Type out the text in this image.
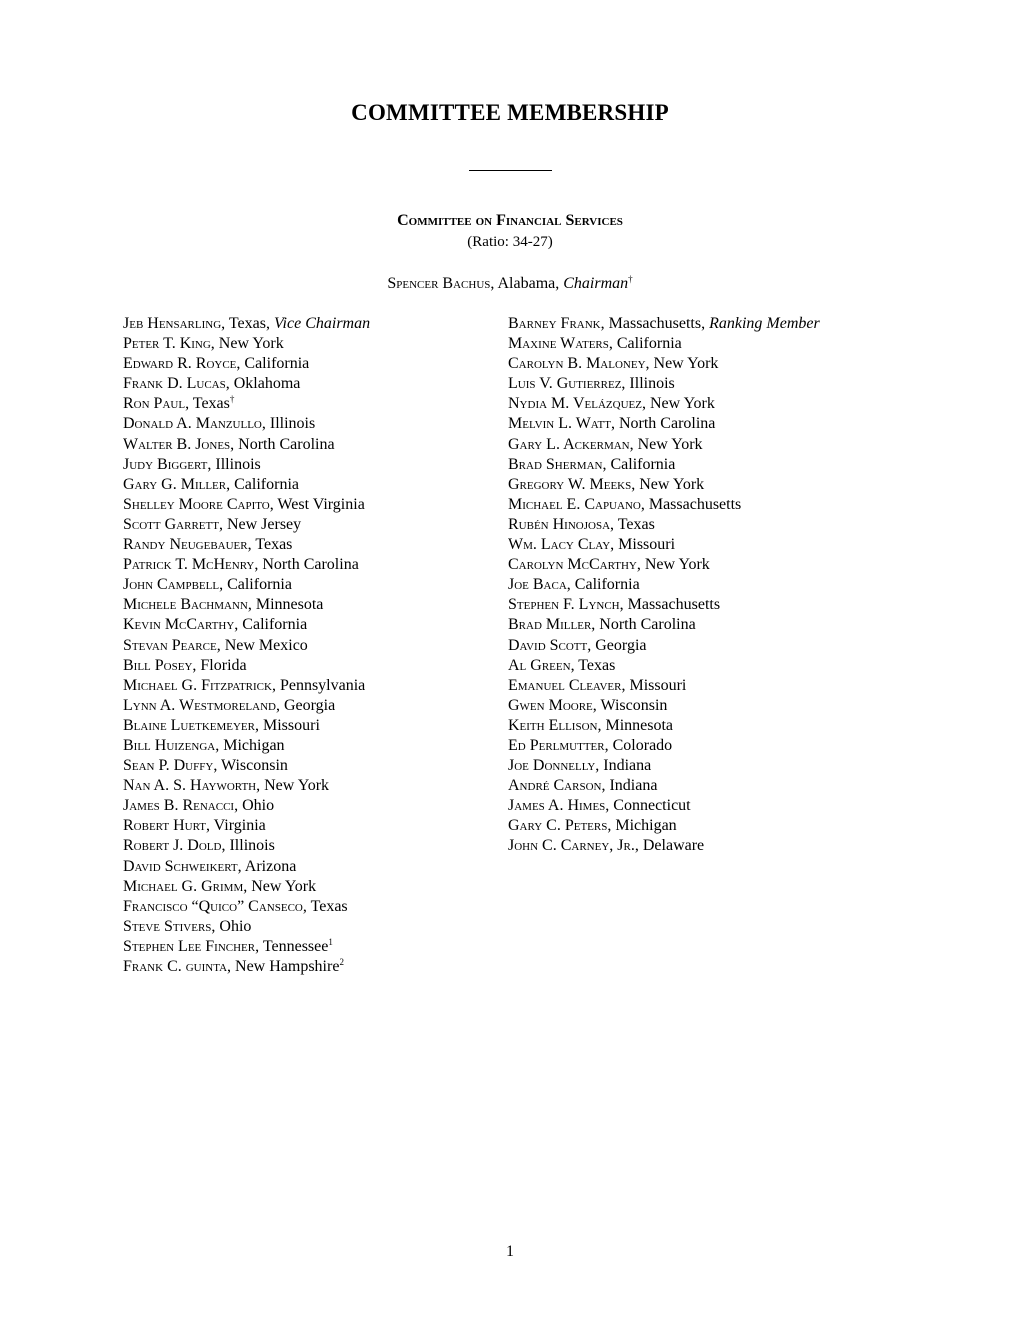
COMMITTEE MEMBERSHIP
Committee on Financial Services
(Ratio: 34-27)
Spencer Bachus, Alabama, Chairman†
Jeb Hensarling, Texas, Vice Chairman
Peter T. King, New York
Edward R. Royce, California
Frank D. Lucas, Oklahoma
Ron Paul, Texas†
Donald A. Manzullo, Illinois
Walter B. Jones, North Carolina
Judy Biggert, Illinois
Gary G. Miller, California
Shelley Moore Capito, West Virginia
Scott Garrett, New Jersey
Randy Neugebauer, Texas
Patrick T. McHenry, North Carolina
John Campbell, California
Michele Bachmann, Minnesota
Kevin McCarthy, California
Stevan Pearce, New Mexico
Bill Posey, Florida
Michael G. Fitzpatrick, Pennsylvania
Lynn A. Westmoreland, Georgia
Blaine Luetkemeyer, Missouri
Bill Huizenga, Michigan
Sean P. Duffy, Wisconsin
Nan A. S. Hayworth, New York
James B. Renacci, Ohio
Robert Hurt, Virginia
Robert J. Dold, Illinois
David Schweikert, Arizona
Michael G. Grimm, New York
Francisco “Quico” Canseco, Texas
Steve Stivers, Ohio
Stephen Lee Fincher, Tennessee$^1$
Frank C. guinta, New Hampshire$^2$
Barney Frank, Massachusetts, Ranking Member
Maxine Waters, California
Carolyn B. Maloney, New York
Luis V. Gutierrez, Illinois
Nydia M. Velázquez, New York
Melvin L. Watt, North Carolina
Gary L. Ackerman, New York
Brad Sherman, California
Gregory W. Meeks, New York
Michael E. Capuano, Massachusetts
Rubén Hinojosa, Texas
Wm. Lacy Clay, Missouri
Carolyn McCarthy, New York
Joe Baca, California
Stephen F. Lynch, Massachusetts
Brad Miller, North Carolina
David Scott, Georgia
Al Green, Texas
Emanuel Cleaver, Missouri
Gwen Moore, Wisconsin
Keith Ellison, Minnesota
Ed Perlmutter, Colorado
Joe Donnelly, Indiana
André Carson, Indiana
James A. Himes, Connecticut
Gary C. Peters, Michigan
John C. Carney, Jr., Delaware
1
